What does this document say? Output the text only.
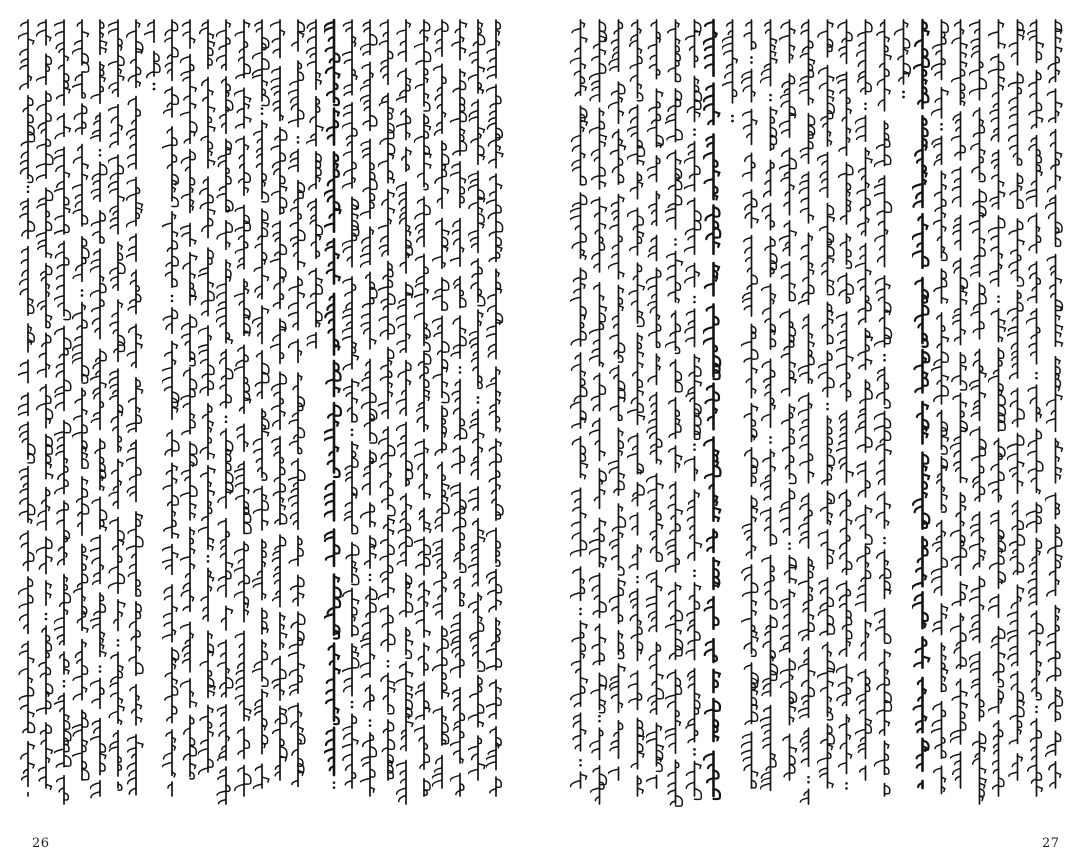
26	27
